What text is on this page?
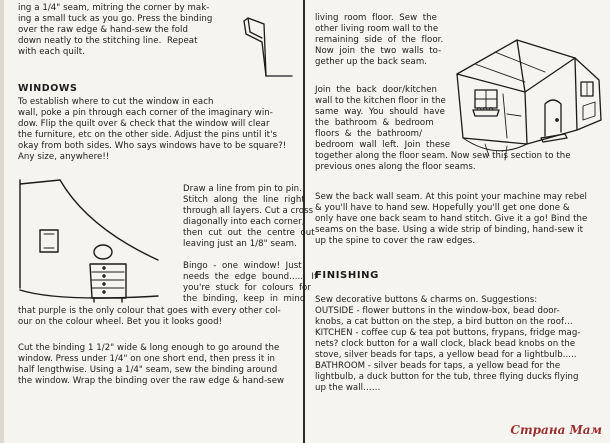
ing a 1/4" seam, mitring the corner by mak-
ing a small tuck as you go. Press the binding
over the raw edge & hand-sew the fold
down neatly to the stitching line.  Repeat
with each quilt.
WINDOWS
To establish where to cut the window in each
wall, poke a pin through each corner of the imaginary win-
dow. Flip the quilt over & check that the window will clear
the furniture, etc on the other side. Adjust the pins until it's
okay from both sides. Who says windows have to be square?!
Any size, anywhere!!
Draw a line from pin to pin.
Stitch  along  the  line  right
through all layers. Cut a cross
diagonally into each corner,
then  cut  out  the  centre  out
leaving just an 1/8" seam.
Bingo  -  one  window!  Just
needs  the  edge  bound......  If
you're  stuck  for  colours  for
the  binding,  keep  in  mind
that purple is the only colour that goes with every other col-
our on the colour wheel. Bet you it looks good!
Cut the binding 1 1/2" wide & long enough to go around the
window. Press under 1/4" on one short end, then press it in
half lengthwise. Using a 1/4" seam, sew the binding around
the window. Wrap the binding over the raw edge & hand-sew
living  room  floor.  Sew  the
other living room wall to the
remaining  side  of  the  floor.
Now  join  the  two  walls  to-
gether up the back seam.
Join  the  back  door/kitchen
wall to the kitchen floor in the
same  way.  You  should  have
the  bathroom  &  bedroom
floors  &  the  bathroom/
bedroom  wall  left.  Join  these
together along the floor seam. Now sew this section to the
previous ones along the floor seams.
Sew the back wall seam. At this point your machine may rebel
& you'll have to hand sew. Hopefully you'll get one done &
only have one back seam to hand stitch. Give it a go! Bind the
seams on the base. Using a wide strip of binding, hand-sew it
up the spine to cover the raw edges.
FINISHING
Sew decorative buttons & charms on. Suggestions:
OUTSIDE - flower buttons in the window-box, bead door-
knobs, a cat button on the step, a bird button on the roof…
KITCHEN - coffee cup & tea pot buttons, frypans, fridge mag-
nets? clock button for a wall clock, black bead knobs on the
stove, silver beads for taps, a yellow bead for a lightbulb.....
BATHROOM - silver beads for taps, a yellow bead for the
lightbulb, a duck button for the tub, three flying ducks flying
up the wall……
Страна Мам
